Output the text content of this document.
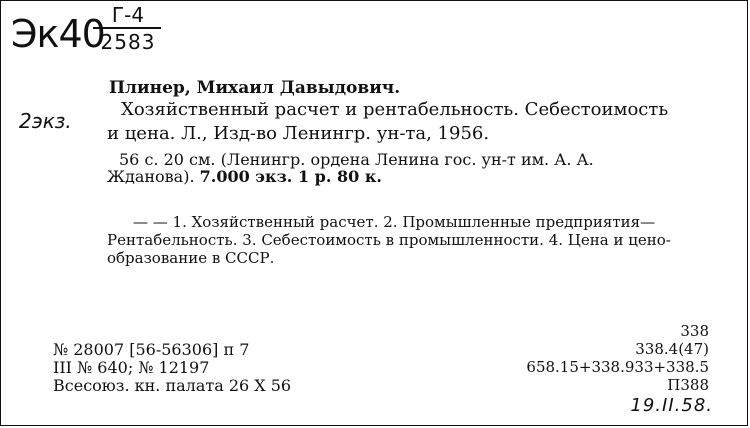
Эк40 Г-4
2583
2экз.
Плинер, Михаил Давыдович.
Хозяйственный расчет и рентабельность. Себестоимость
и цена. Л., Изд-во Ленингр. ун-та, 1956.
56 с. 20 см. (Ленингр. ордена Ленина гос. ун-т им. А. А.
Жданова). 7.000 экз. 1 р. 80 к.
— — 1. Хозяйственный расчет. 2. Промышленные предприятия—
Рентабельность. 3. Себестоимость в промышленности. 4. Цена и цено-
образование в СССР.
№ 28007 [56-56306] п 7
III № 640; № 12197
Всесоюз. кн. палата 26 X 56
338
338.4(47)
658.15+338.933+338.5
П388
19.II.58.
